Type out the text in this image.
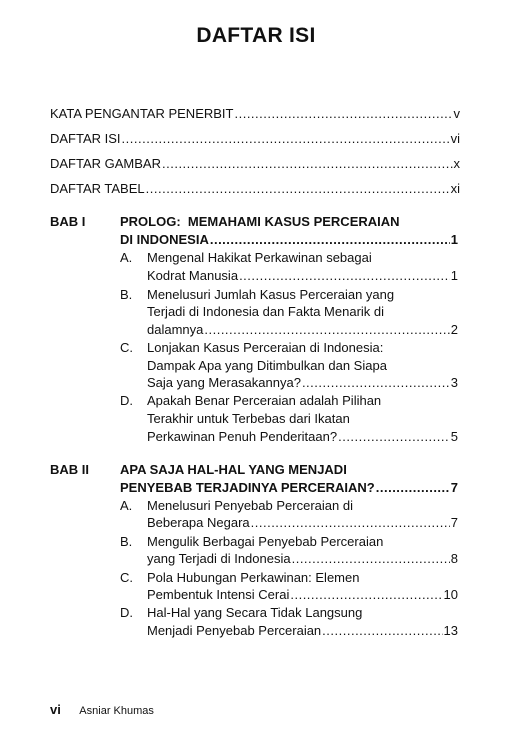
DAFTAR ISI
KATA PENGANTAR PENERBIT .....	v
DAFTAR ISI .....	vi
DAFTAR GAMBAR .....	x
DAFTAR TABEL .....	xi
BAB I	PROLOG: MEMAHAMI KASUS PERCERAIAN
DI INDONESIA .....	1
A. Mengenal Hakikat Perkawinan sebagai
Kodrat Manusia .....	1
B. Menelusuri Jumlah Kasus Perceraian yang
Terjadi di Indonesia dan Fakta Menarik di
dalamnya .....	2
C. Lonjakan Kasus Perceraian di Indonesia:
Dampak Apa yang Ditimbulkan dan Siapa
Saja yang Merasakannya? .....	3
D. Apakah Benar Perceraian adalah Pilihan
Terakhir untuk Terbebas dari Ikatan
Perkawinan Penuh Penderitaan? .....	5
BAB II APA SAJA HAL-HAL YANG MENJADI
PENYEBAB TERJADINYA PERCERAIAN? .....	7
A. Menelusuri Penyebab Perceraian di
Beberapa Negara .....	7
B. Mengulik Berbagai Penyebab Perceraian
yang Terjadi di Indonesia .....	8
C. Pola Hubungan Perkawinan: Elemen
Pembentuk Intensi Cerai .....	10
D. Hal-Hal yang Secara Tidak Langsung
Menjadi Penyebab Perceraian .....	13
vi Asniar Khumas
